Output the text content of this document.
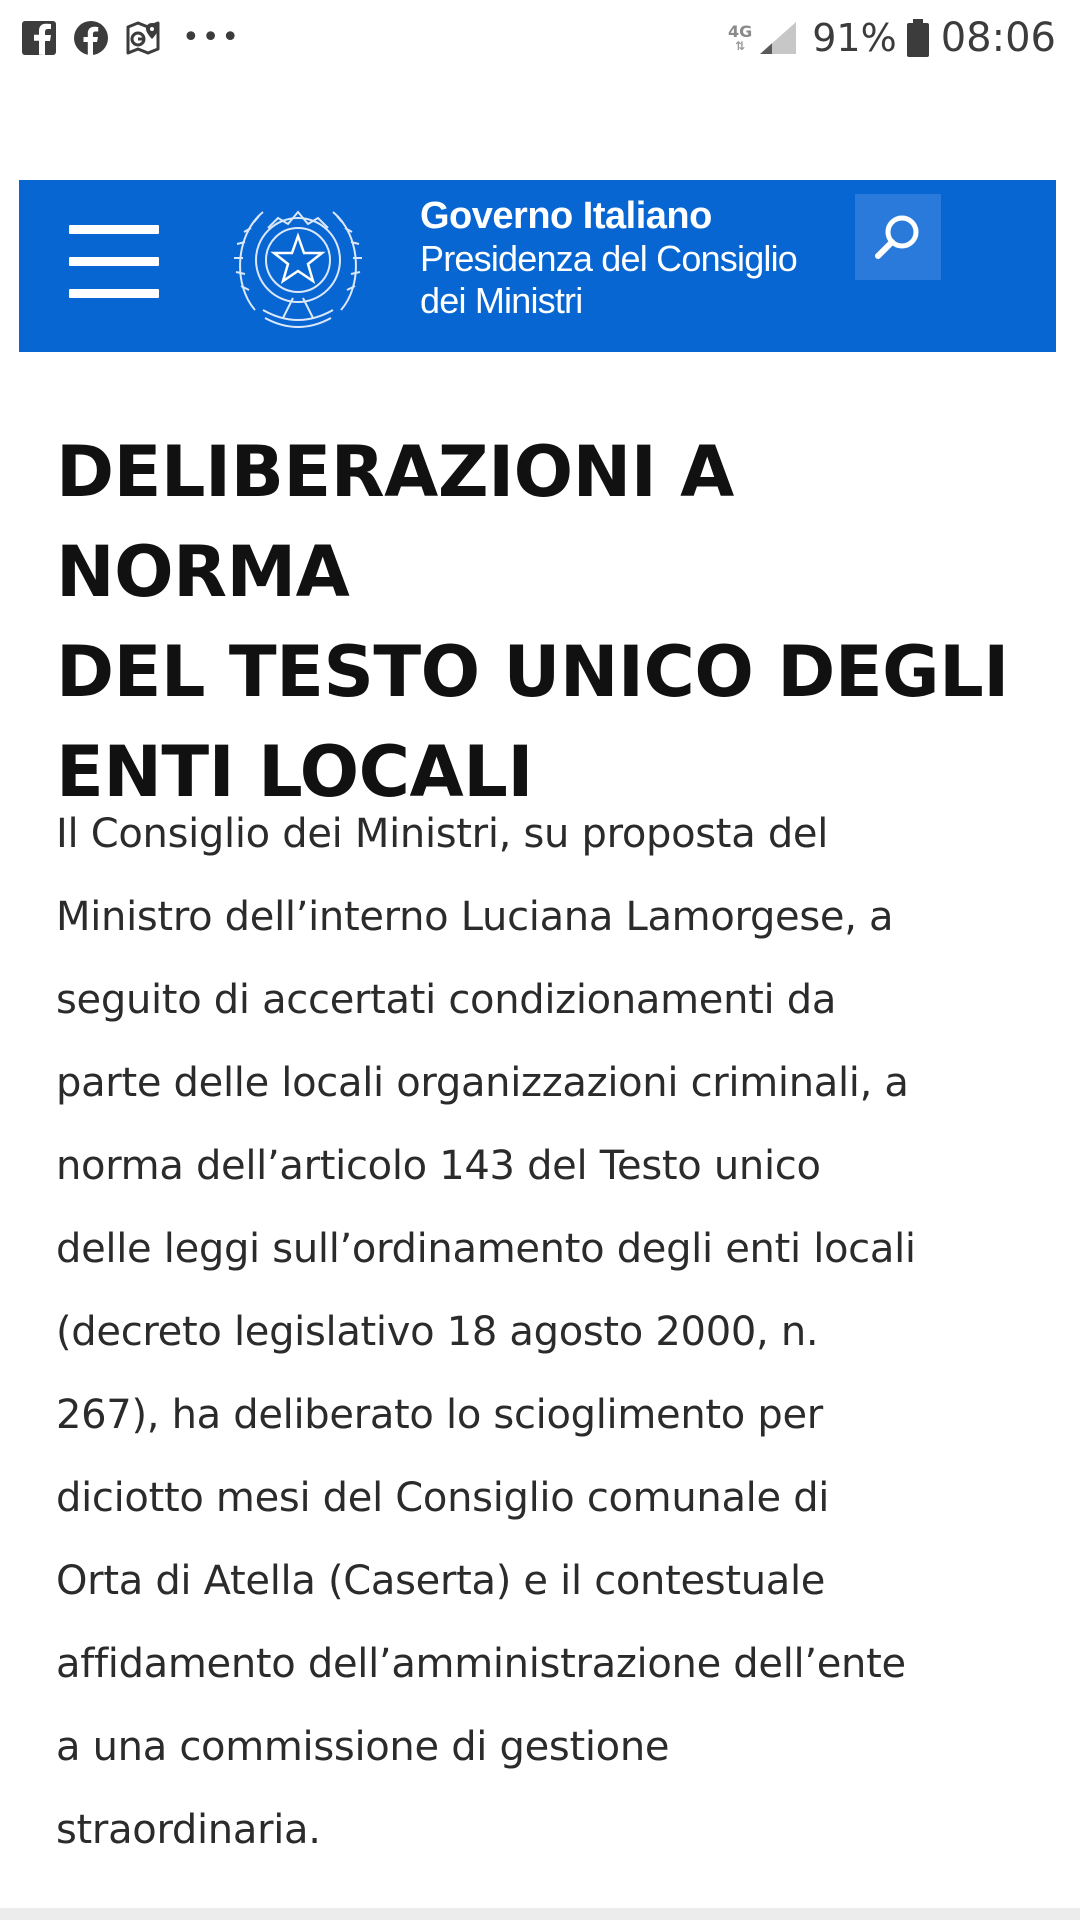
•••	4G
⇅ 91% 08:06
Governo Italiano
Presidenza del Consiglio
dei Ministri
DELIBERAZIONI A NORMA
DEL TESTO UNICO DEGLI
ENTI LOCALI

Il Consiglio dei Ministri, su proposta del
Ministro dell’interno Luciana Lamorgese, a
seguito di accertati condizionamenti da
parte delle locali organizzazioni criminali, a
norma dell’articolo 143 del Testo unico
delle leggi sull’ordinamento degli enti locali
(decreto legislativo 18 agosto 2000, n.
267), ha deliberato lo scioglimento per
diciotto mesi del Consiglio comunale di
Orta di Atella (Caserta) e il contestuale
affidamento dell’amministrazione dell’ente
a una commissione di gestione
straordinaria.
